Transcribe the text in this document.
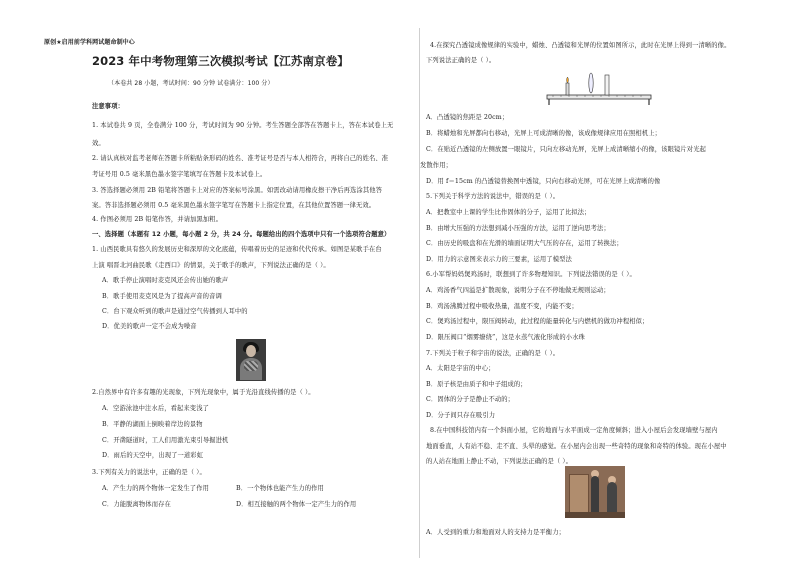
原创★启用前学科网试题命制中心
2023 年中考物理第三次模拟考试【江苏南京卷】
（本卷共 28 小题，考试时间：90 分钟 试卷满分：100 分）
注意事项：
1. 本试卷共 9 页，全卷满分 100 分，考试时间为 90 分钟。考生答题全部答在答题卡上，答在本试卷上无
效。
2. 请认真核对监考老师在答题卡所粘贴条形码的姓名、准考证号是否与本人相符合，再将自己的姓名、准
考证号用 0.5 毫米黑色墨水签字笔填写在答题卡及本试卷上。
3. 答选择题必须用 2B 铅笔将答题卡上对应的答案标号涂黑。如需改动请用橡皮擦干净后再选涂其他答
案。答非选择题必须用 0.5 毫米黑色墨水签字笔写在答题卡上指定位置，在其他位置答题一律无效。
4. 作图必须用 2B 铅笔作答，并请加黑加粗。
一、选择题（本题有 12 小题，每小题 2 分，共 24 分。每题给出的四个选项中只有一个选项符合题意）
1. 山西民歌具有悠久的发展历史和深厚的文化底蕴，传唱着历史的足迹和代代传承。如图是某歌手在台
上演 唱晋北河曲民歌《走西口》的情景，关于歌手的歌声，下列说法正确的是（ ）。
A．歌手停止演唱时麦克风还会传出她的歌声
B．歌手使用麦克风是为了提高声音的音调
C．台下观众听到的歌声是通过空气传播到人耳中的
D．优美的歌声一定不会成为噪音
2.自然界中有许多有趣的光现象，下列光现象中，属于光沿直线传播的是（ ）。
A．空游泳池中注水后，看起来变浅了
B．平静的湖面上倒映着岸边的景物
C．开凿隧道时，工人们用激光束引导掘进机
D．雨后的天空中，出现了一道彩虹
3.下列有关力的说法中，正确的是（ ）。
A．产生力的两个物体一定发生了作用	B．一个物体也能产生力的作用
C．力能脱离物体而存在	D．相互接触的两个物体一定产生力的作用
4.在探究凸透镜成像规律的实验中，蜡烛、凸透镜和光屏的位置如图所示，此时在光屏上得到一清晰的像。
下列说法正确的是（ ）。
A．凸透镜的焦距是 20cm；
B．将蜡烛和光屏都向右移动，光屏上可成清晰的像，该成像规律应用在照相机上；
C．在贴近凸透镜的左侧放置一眼镜片，只向左移动光屏，光屏上成清晰缩小的像，该眼镜片对光起
发散作用；
D．用 f＝15cm 的凸透镜替换图中透镜，只向右移动光屏，可在光屏上成清晰的像
5.下列关于科学方法的说法中，错误的是（ ）。
A．把教室中上课的学生比作固体的分子，运用了比拟法；
B．由增大压强的方法想到减小压强的方法，运用了逆向思考法；
C．由历史的吸盘和在光滑的墙面证明大气压的存在，运用了转换法；
D．用力的示意图来表示力的三要素，运用了模型法
6.小军帮妈妈煲鸡汤时，联想到了许多物理知识。下列说法错误的是（ ）。
A．鸡汤香气四溢是扩散现象，说明分子在不停地做无规则运动；
B．鸡汤沸腾过程中吸收热量，温度不变，内能不变；
C．煲鸡汤过程中，限压阀转动，此过程的能量转化与内燃机的做功冲程相似；
D．限压阀口“烟雾缭绕”，这是水蒸气液化形成的小水珠
7.下列关于粒子和宇宙的说法，正确的是（ ）。
A．太阳是宇宙的中心；
B．原子核是由质子和中子组成的；
C．固体的分子是静止不动的；
D．分子间只存在吸引力
8.在中国科技馆内有一个斜面小屋，它的地面与水平面成一定角度倾斜；进入小屋后会发现墙壁与屋内
地面垂直，人有站不稳、走不直、头晕的感觉。在小屋内会出现一些奇特的现象和奇特的体验。现在小屋中
的人站在地面上静止不动，下列说法正确的是（ ）。
A．人受到的重力和地面对人的支持力是平衡力；
